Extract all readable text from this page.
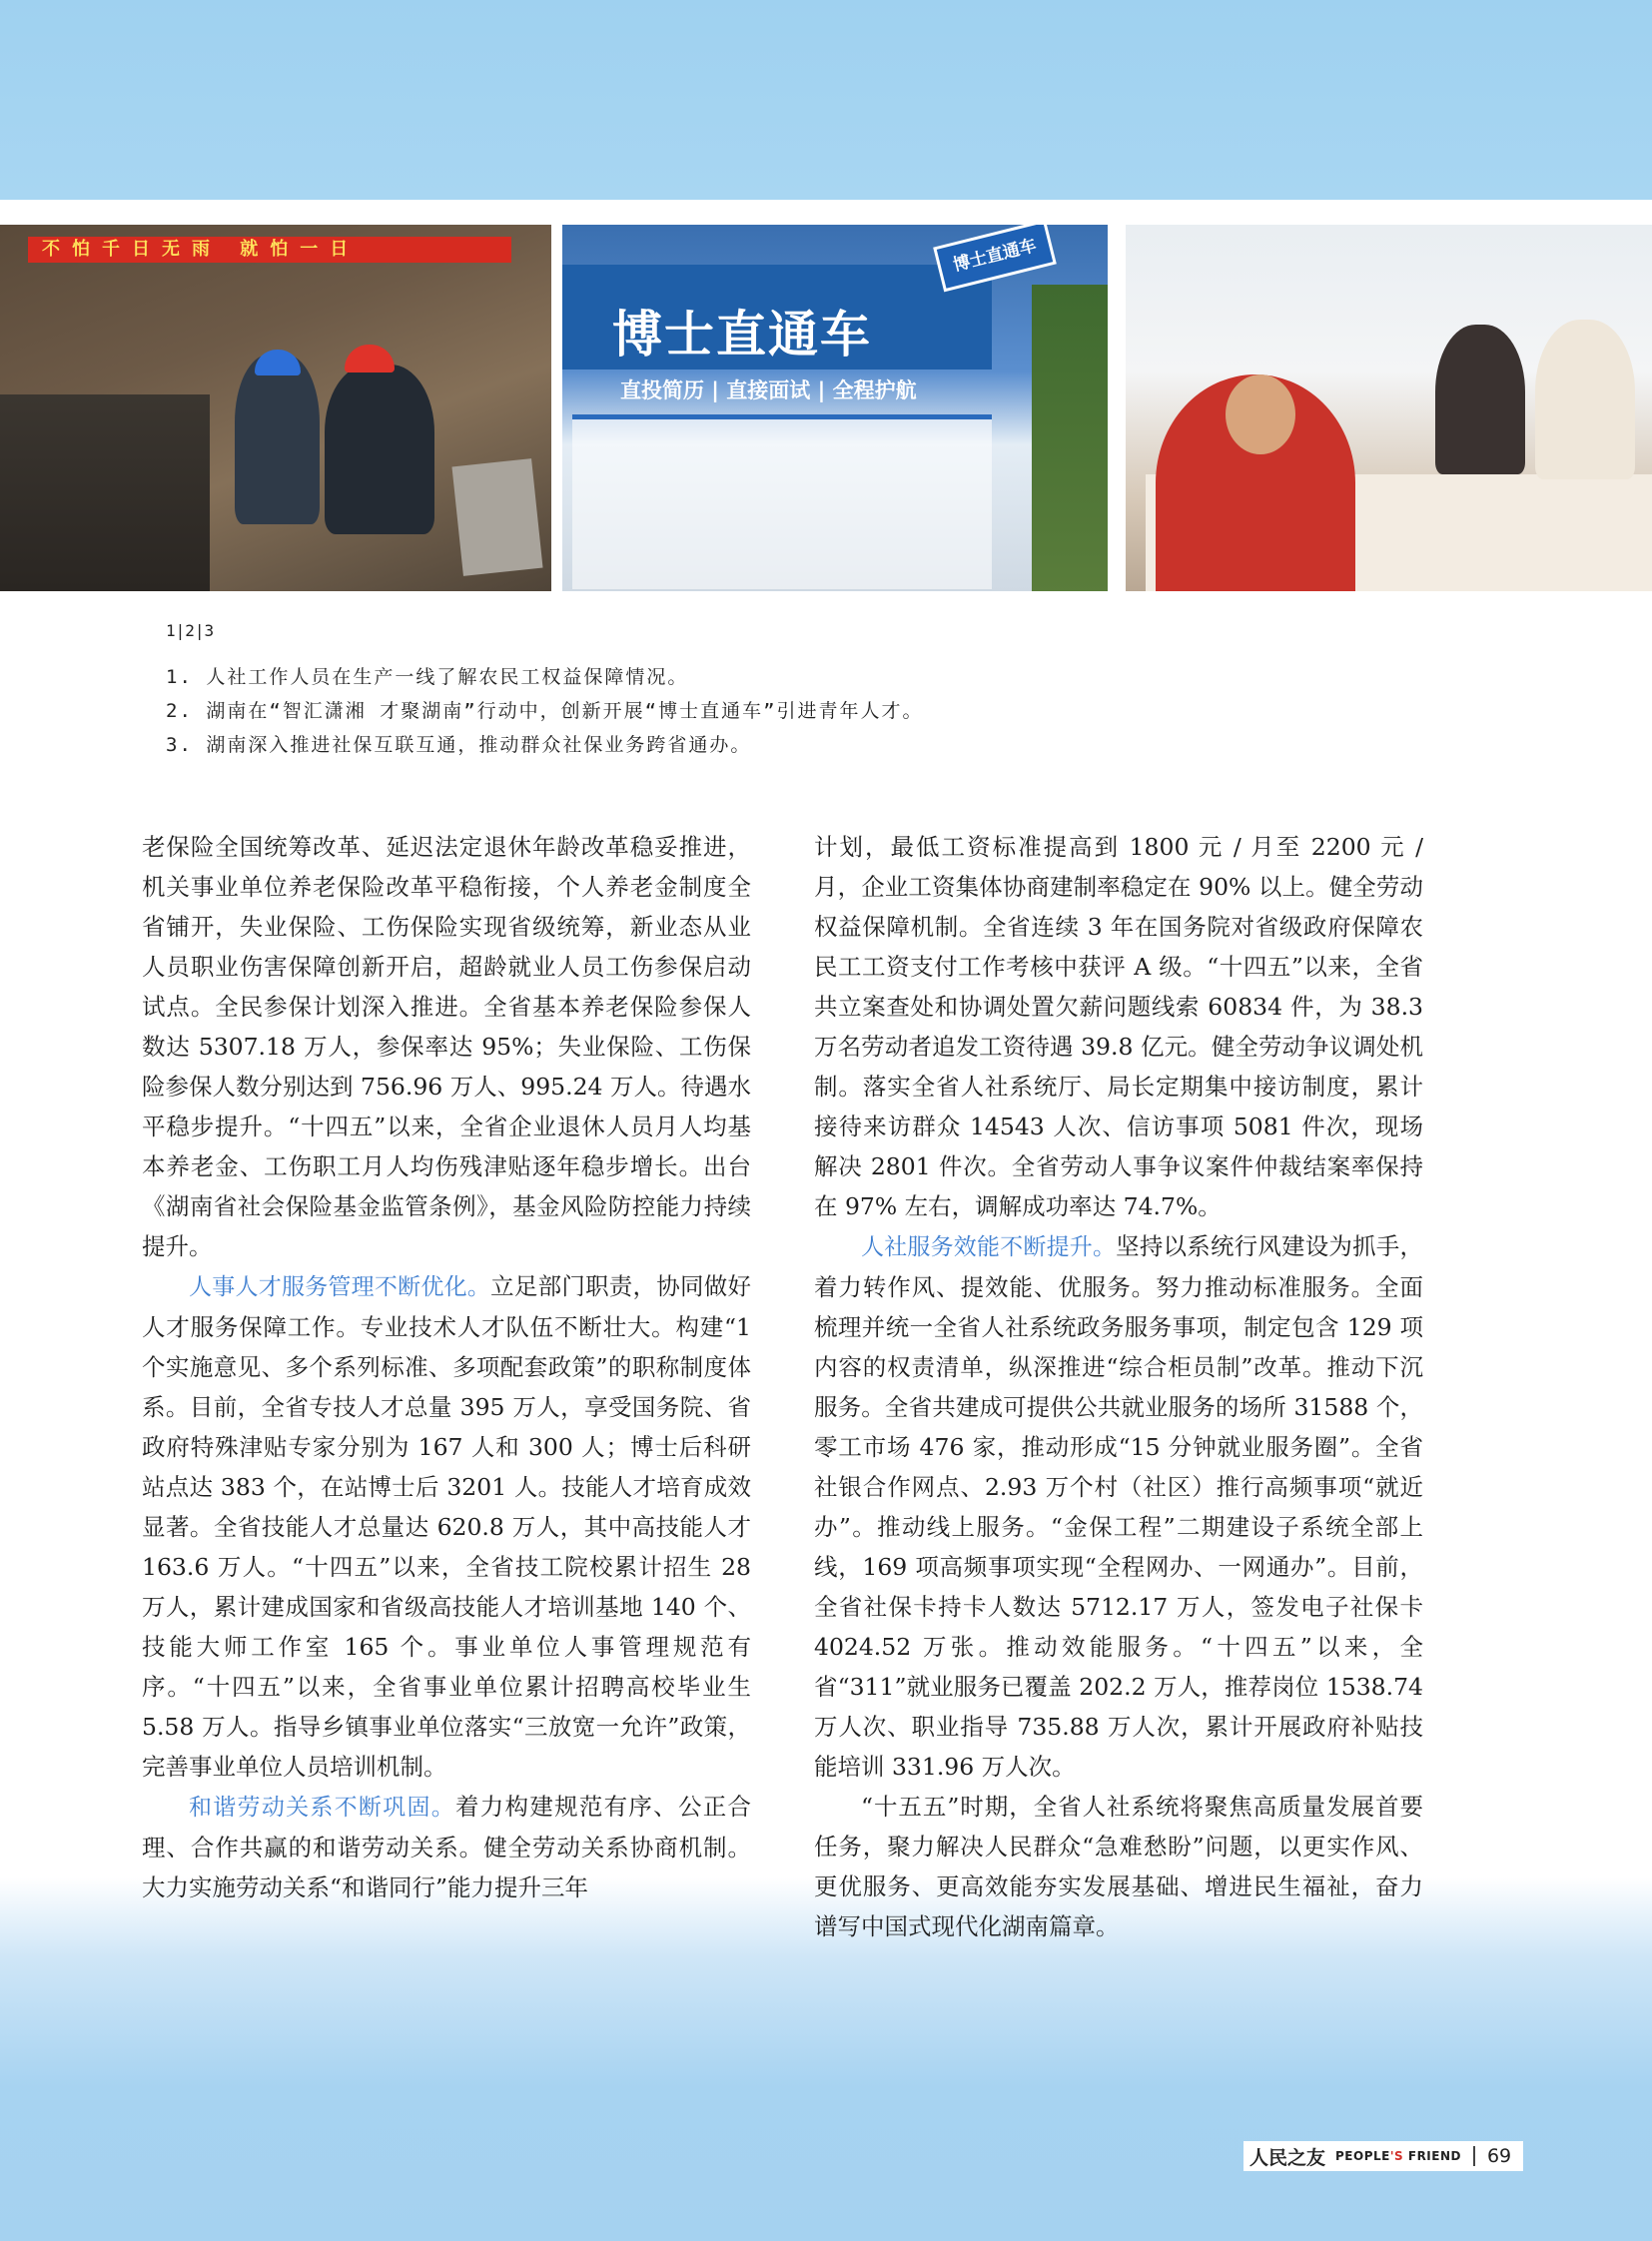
不怕千日无雨 就怕一日
博士直通车
直投简历 | 直接面试 | 全程护航
博士直通车
1|2|3
1. 人社工作人员在生产一线了解农民工权益保障情况。
2. 湖南在“智汇潇湘 才聚湖南”行动中，创新开展“博士直通车”引进青年人才。
3. 湖南深入推进社保互联互通，推动群众社保业务跨省通办。

老保险全国统筹改革、延迟法定退休年龄改革稳妥推进，机关事业单位养老保险改革平稳衔接，个人养老金制度全省铺开，失业保险、工伤保险实现省级统筹，新业态从业人员职业伤害保障创新开启，超龄就业人员工伤参保启动试点。全民参保计划深入推进。全省基本养老保险参保人数达 5307.18 万人，参保率达 95%；失业保险、工伤保险参保人数分别达到 756.96 万人、995.24 万人。待遇水平稳步提升。“十四五”以来，全省企业退休人员月人均基本养老金、工伤职工月人均伤残津贴逐年稳步增长。出台《湖南省社会保险基金监管条例》，基金风险防控能力持续提升。

人事人才服务管理不断优化。立足部门职责，协同做好人才服务保障工作。专业技术人才队伍不断壮大。构建“1 个实施意见、多个系列标准、多项配套政策”的职称制度体系。目前，全省专技人才总量 395 万人，享受国务院、省政府特殊津贴专家分别为 167 人和 300 人；博士后科研站点达 383 个，在站博士后 3201 人。技能人才培育成效显著。全省技能人才总量达 620.8 万人，其中高技能人才 163.6 万人。“十四五”以来，全省技工院校累计招生 28 万人，累计建成国家和省级高技能人才培训基地 140 个、技能大师工作室 165 个。事业单位人事管理规范有序。“十四五”以来，全省事业单位累计招聘高校毕业生 5.58 万人。指导乡镇事业单位落实“三放宽一允许”政策，完善事业单位人员培训机制。

和谐劳动关系不断巩固。着力构建规范有序、公正合理、合作共赢的和谐劳动关系。健全劳动关系协商机制。大力实施劳动关系“和谐同行”能力提升三年

计划，最低工资标准提高到 1800 元 / 月至 2200 元 / 月，企业工资集体协商建制率稳定在 90% 以上。健全劳动权益保障机制。全省连续 3 年在国务院对省级政府保障农民工工资支付工作考核中获评 A 级。“十四五”以来，全省共立案查处和协调处置欠薪问题线索 60834 件，为 38.3 万名劳动者追发工资待遇 39.8 亿元。健全劳动争议调处机制。落实全省人社系统厅、局长定期集中接访制度，累计接待来访群众 14543 人次、信访事项 5081 件次，现场解决 2801 件次。全省劳动人事争议案件仲裁结案率保持在 97% 左右，调解成功率达 74.7%。

人社服务效能不断提升。坚持以系统行风建设为抓手，着力转作风、提效能、优服务。努力推动标准服务。全面梳理并统一全省人社系统政务服务事项，制定包含 129 项内容的权责清单，纵深推进“综合柜员制”改革。推动下沉服务。全省共建成可提供公共就业服务的场所 31588 个，零工市场 476 家，推动形成“15 分钟就业服务圈”。全省社银合作网点、2.93 万个村（社区）推行高频事项“就近办”。推动线上服务。“金保工程”二期建设子系统全部上线，169 项高频事项实现“全程网办、一网通办”。目前，全省社保卡持卡人数达 5712.17 万人，签发电子社保卡 4024.52 万张。推动效能服务。“十四五”以来，全省“311”就业服务已覆盖 202.2 万人，推荐岗位 1538.74 万人次、职业指导 735.88 万人次，累计开展政府补贴技能培训 331.96 万人次。

“十五五”时期，全省人社系统将聚焦高质量发展首要任务，聚力解决人民群众“急难愁盼”问题，以更实作风、更优服务、更高效能夯实发展基础、增进民生福祉，奋力谱写中国式现代化湖南篇章。

人民之友 PEOPLE'S FRIEND 69
